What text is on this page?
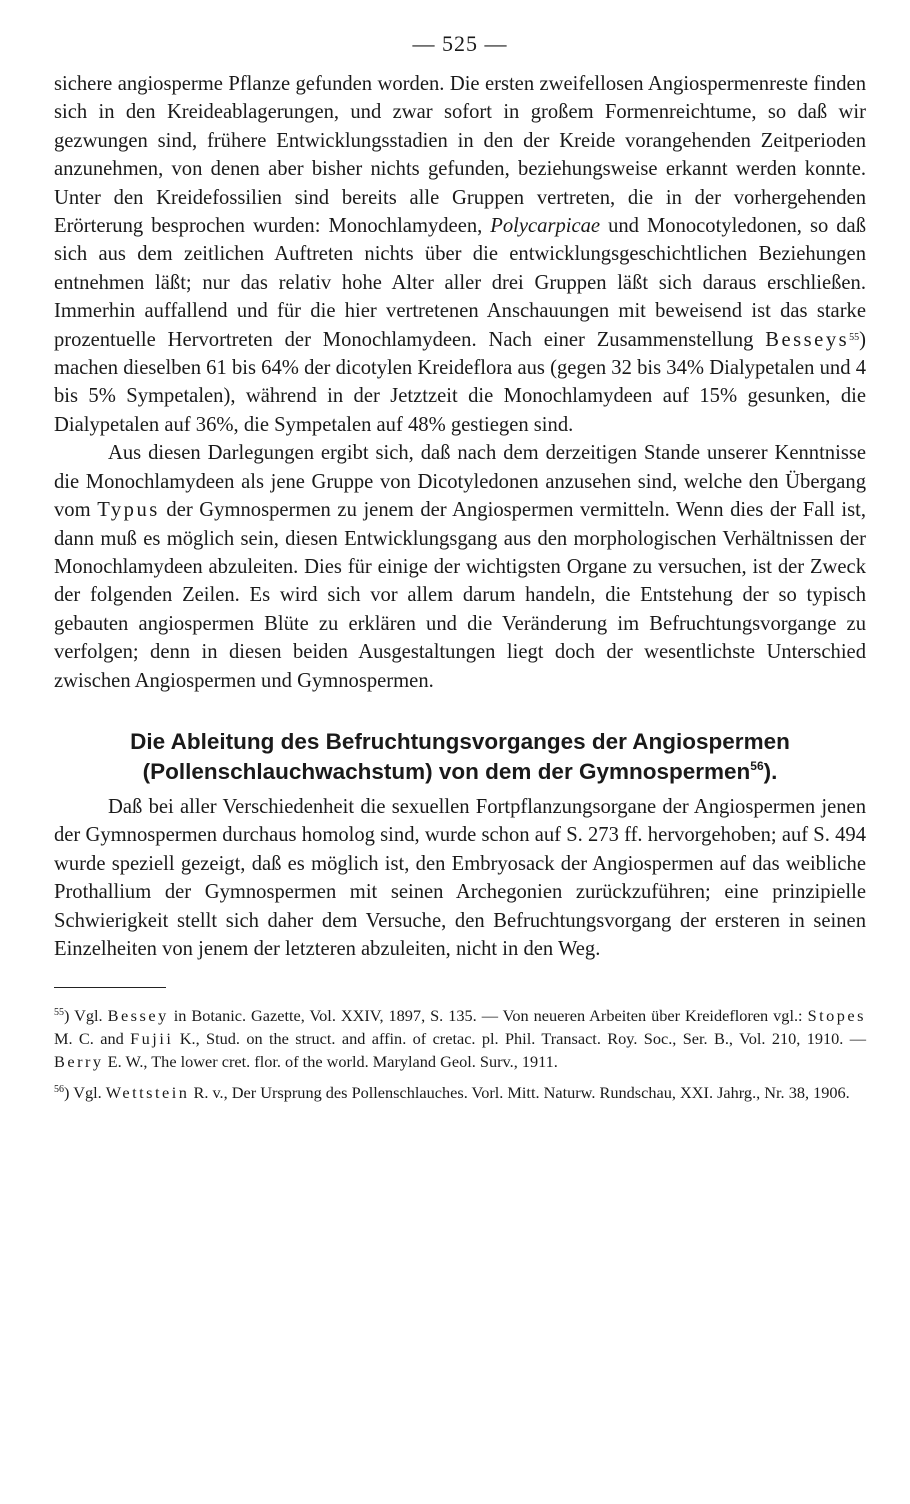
— 525 —

sichere angiosperme Pflanze gefunden worden. Die ersten zweifellosen Angiospermenreste finden sich in den Kreideablagerungen, und zwar sofort in großem Formenreichtume, so daß wir gezwungen sind, frühere Entwicklungsstadien in den der Kreide vorangehenden Zeitperioden anzunehmen, von denen aber bisher nichts gefunden, beziehungsweise erkannt werden konnte. Unter den Kreidefossilien sind bereits alle Gruppen vertreten, die in der vorhergehenden Erörterung besprochen wurden: Monochlamydeen, Polycarpicae und Monocotyledonen, so daß sich aus dem zeitlichen Auftreten nichts über die entwicklungsgeschichtlichen Beziehungen entnehmen läßt; nur das relativ hohe Alter aller drei Gruppen läßt sich daraus erschließen. Immerhin auffallend und für die hier vertretenen Anschauungen mit beweisend ist das starke prozentuelle Hervortreten der Monochlamydeen. Nach einer Zusammenstellung Besseys$^{55}$) machen dieselben 61 bis 64% der dicotylen Kreideflora aus (gegen 32 bis 34% Dialypetalen und 4 bis 5% Sympetalen), während in der Jetztzeit die Monochlamydeen auf 15% gesunken, die Dialypetalen auf 36%, die Sympetalen auf 48% gestiegen sind.

Aus diesen Darlegungen ergibt sich, daß nach dem derzeitigen Stande unserer Kenntnisse die Monochlamydeen als jene Gruppe von Dicotyledonen anzusehen sind, welche den Übergang vom Typus der Gymnospermen zu jenem der Angiospermen vermitteln. Wenn dies der Fall ist, dann muß es möglich sein, diesen Entwicklungsgang aus den morphologischen Verhältnissen der Monochlamydeen abzuleiten. Dies für einige der wichtigsten Organe zu versuchen, ist der Zweck der folgenden Zeilen. Es wird sich vor allem darum handeln, die Entstehung der so typisch gebauten angiospermen Blüte zu erklären und die Veränderung im Befruchtungsvorgange zu verfolgen; denn in diesen beiden Ausgestaltungen liegt doch der wesentlichste Unterschied zwischen Angiospermen und Gymnospermen.

Die Ableitung des Befruchtungsvorganges der Angiospermen
(Pollenschlauchwachstum) von dem der Gymnospermen$^{56}$).

Daß bei aller Verschiedenheit die sexuellen Fortpflanzungsorgane der Angiospermen jenen der Gymnospermen durchaus homolog sind, wurde schon auf S. 273 ff. hervorgehoben; auf S. 494 wurde speziell gezeigt, daß es möglich ist, den Embryosack der Angiospermen auf das weibliche Prothallium der Gymnospermen mit seinen Archegonien zurückzuführen; eine prinzipielle Schwierigkeit stellt sich daher dem Versuche, den Befruchtungsvorgang der ersteren in seinen Einzelheiten von jenem der letzteren abzuleiten, nicht in den Weg.

$^{55}$) Vgl. Bessey in Botanic. Gazette, Vol. XXIV, 1897, S. 135. — Von neueren Arbeiten über Kreidefloren vgl.: Stopes M. C. and Fujii K., Stud. on the struct. and affin. of cretac. pl. Phil. Transact. Roy. Soc., Ser. B., Vol. 210, 1910. — Berry E. W., The lower cret. flor. of the world. Maryland Geol. Surv., 1911.

$^{56}$) Vgl. Wettstein R. v., Der Ursprung des Pollenschlauches. Vorl. Mitt. Naturw. Rundschau, XXI. Jahrg., Nr. 38, 1906.
